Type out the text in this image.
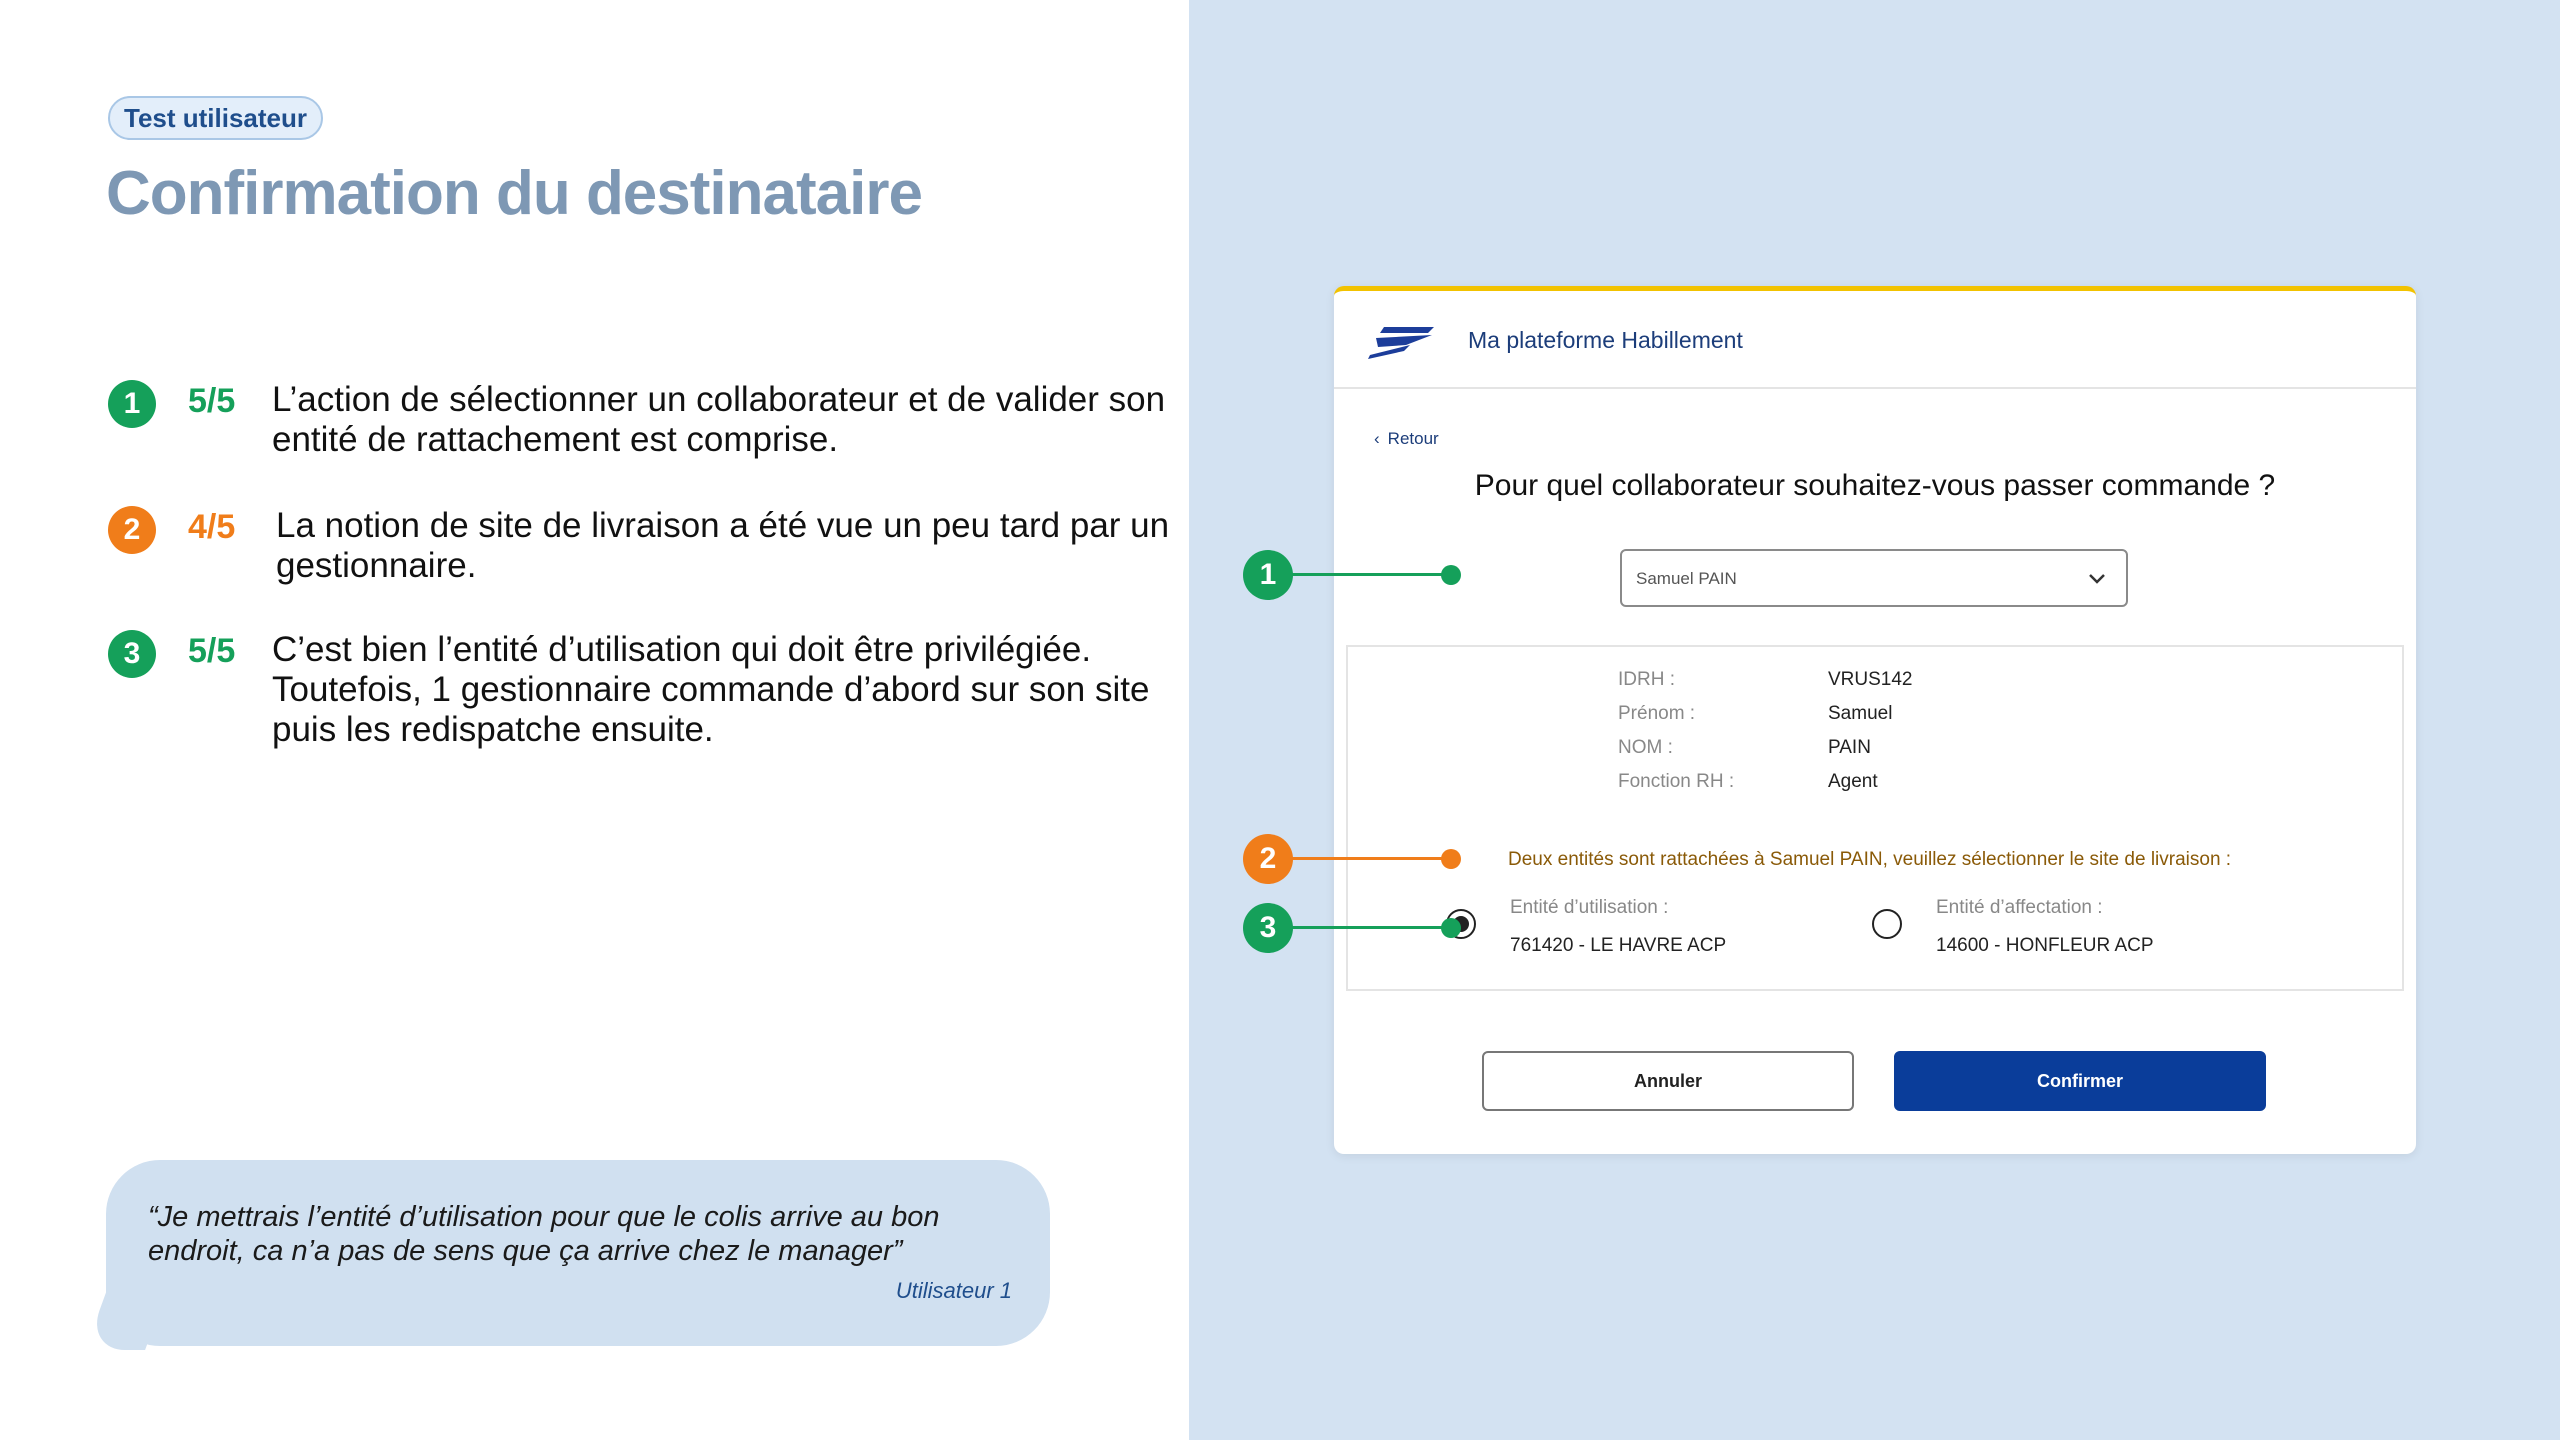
Test utilisateur
Confirmation du destinataire
1	5/5 L’action de sélectionner un collaborateur et de valider son entité de rattachement est comprise.
2	4/5 La notion de site de livraison a été vue un peu tard par un gestionnaire.
3	5/5 C’est bien l’entité d’utilisation qui doit être privilégiée.
Toutefois, 1 gestionnaire commande d’abord sur son site puis les redispatche ensuite.
“Je mettrais l’entité d’utilisation pour que le colis arrive au bon endroit, ca n’a pas de sens que ça arrive chez le manager”
Utilisateur 1
Ma plateforme Habillement
‹ Retour
Pour quel collaborateur souhaitez-vous passer commande ?
Samuel PAIN
IDRH :	VRUS142
Prénom :	Samuel
NOM :	PAIN
Fonction RH :	Agent
Deux entités sont rattachées à Samuel PAIN, veuillez sélectionner le site de livraison :
Entité d’utilisation :
761420 - LE HAVRE ACP
Entité d’affectation :
14600 - HONFLEUR ACP
Annuler	Confirmer
1
2
3
